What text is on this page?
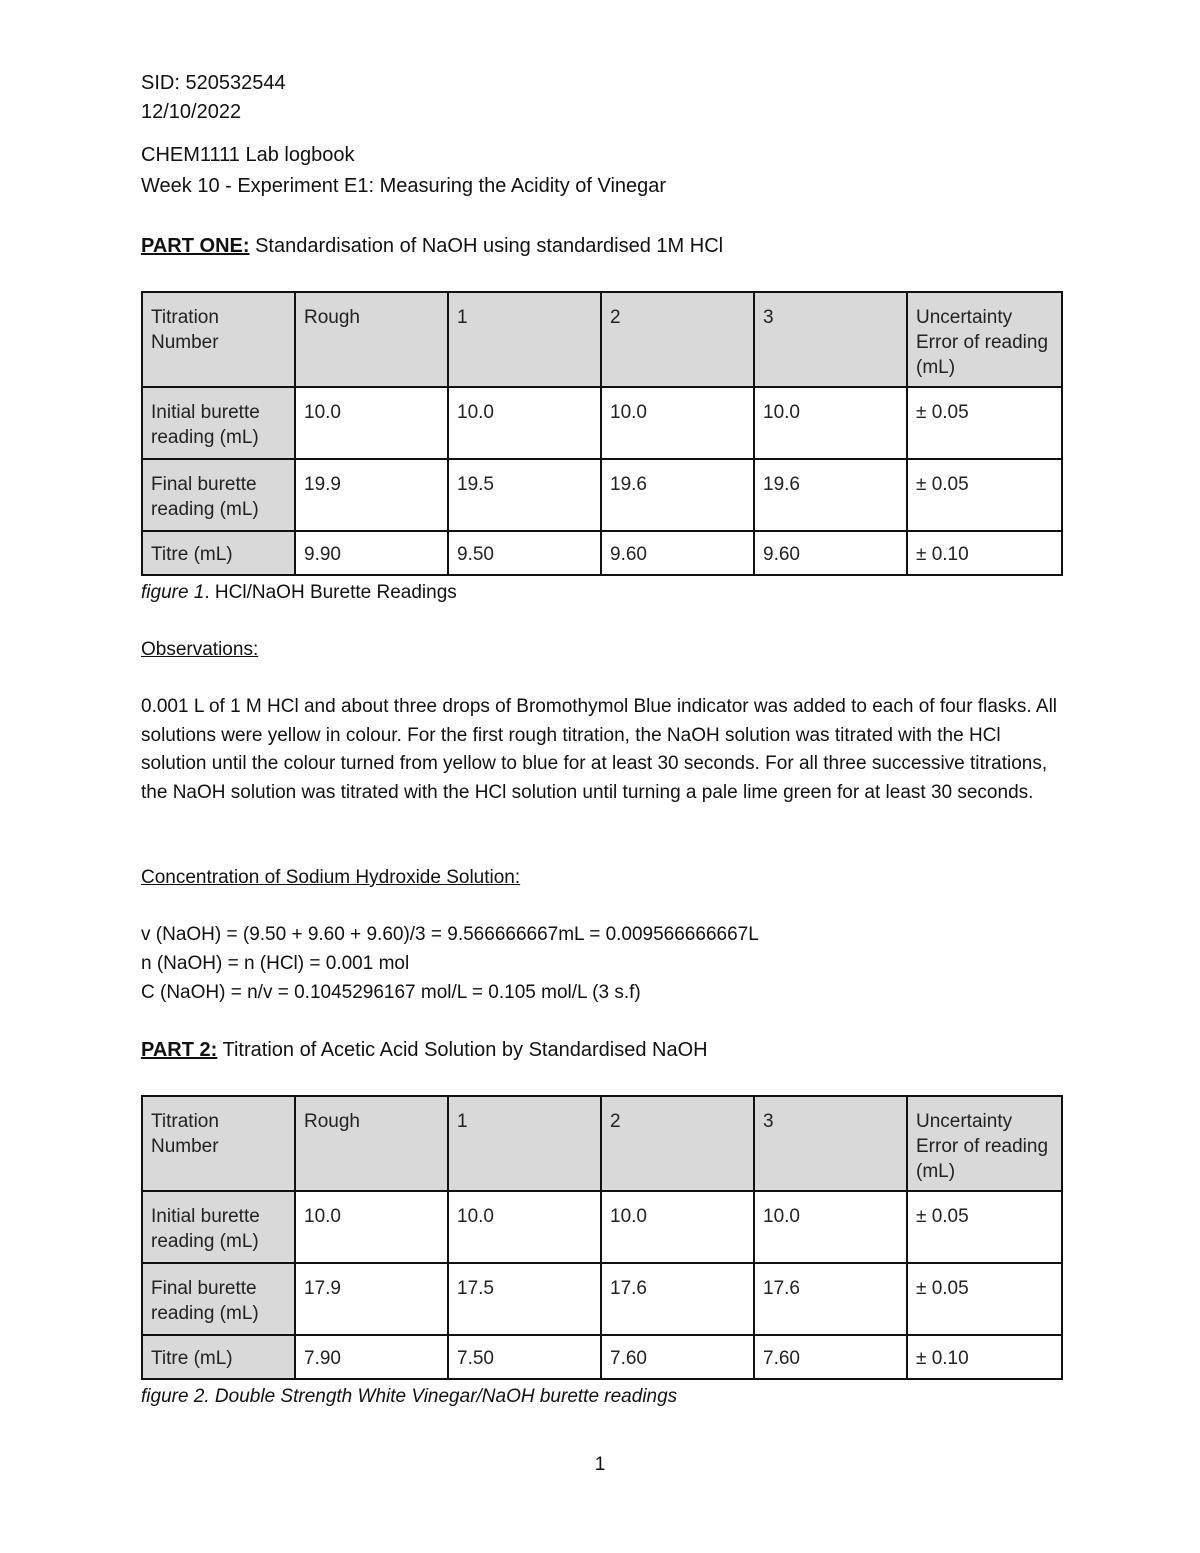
SID: 520532544
12/10/2022
CHEM1111 Lab logbook
Week 10 - Experiment E1: Measuring the Acidity of Vinegar
PART ONE: Standardisation of NaOH using standardised 1M HCl
Titration Number	Rough	1	2	3	Uncertainty Error of reading (mL)
Initial burette reading (mL)	10.0	10.0	10.0	10.0	± 0.05
Final burette reading (mL)	19.9	19.5	19.6	19.6	± 0.05
Titre (mL)	9.90	9.50	9.60	9.60	± 0.10
figure 1. HCl/NaOH Burette Readings
Observations:
0.001 L of 1 M HCl and about three drops of Bromothymol Blue indicator was added to each of four flasks. All solutions were yellow in colour. For the first rough titration, the NaOH solution was titrated with the HCl solution until the colour turned from yellow to blue for at least 30 seconds. For all three successive titrations, the NaOH solution was titrated with the HCl solution until turning a pale lime green for at least 30 seconds.
Concentration of Sodium Hydroxide Solution:
v (NaOH) = (9.50 + 9.60 + 9.60)/3 = 9.566666667mL = 0.009566666667L
n (NaOH) = n (HCl) = 0.001 mol
C (NaOH) = n/v = 0.1045296167 mol/L = 0.105 mol/L (3 s.f)
PART 2: Titration of Acetic Acid Solution by Standardised NaOH
Titration Number	Rough	1	2	3	Uncertainty Error of reading (mL)
Initial burette reading (mL)	10.0	10.0	10.0	10.0	± 0.05
Final burette reading (mL)	17.9	17.5	17.6	17.6	± 0.05
Titre (mL)	7.90	7.50	7.60	7.60	± 0.10
figure 2. Double Strength White Vinegar/NaOH burette readings
1
